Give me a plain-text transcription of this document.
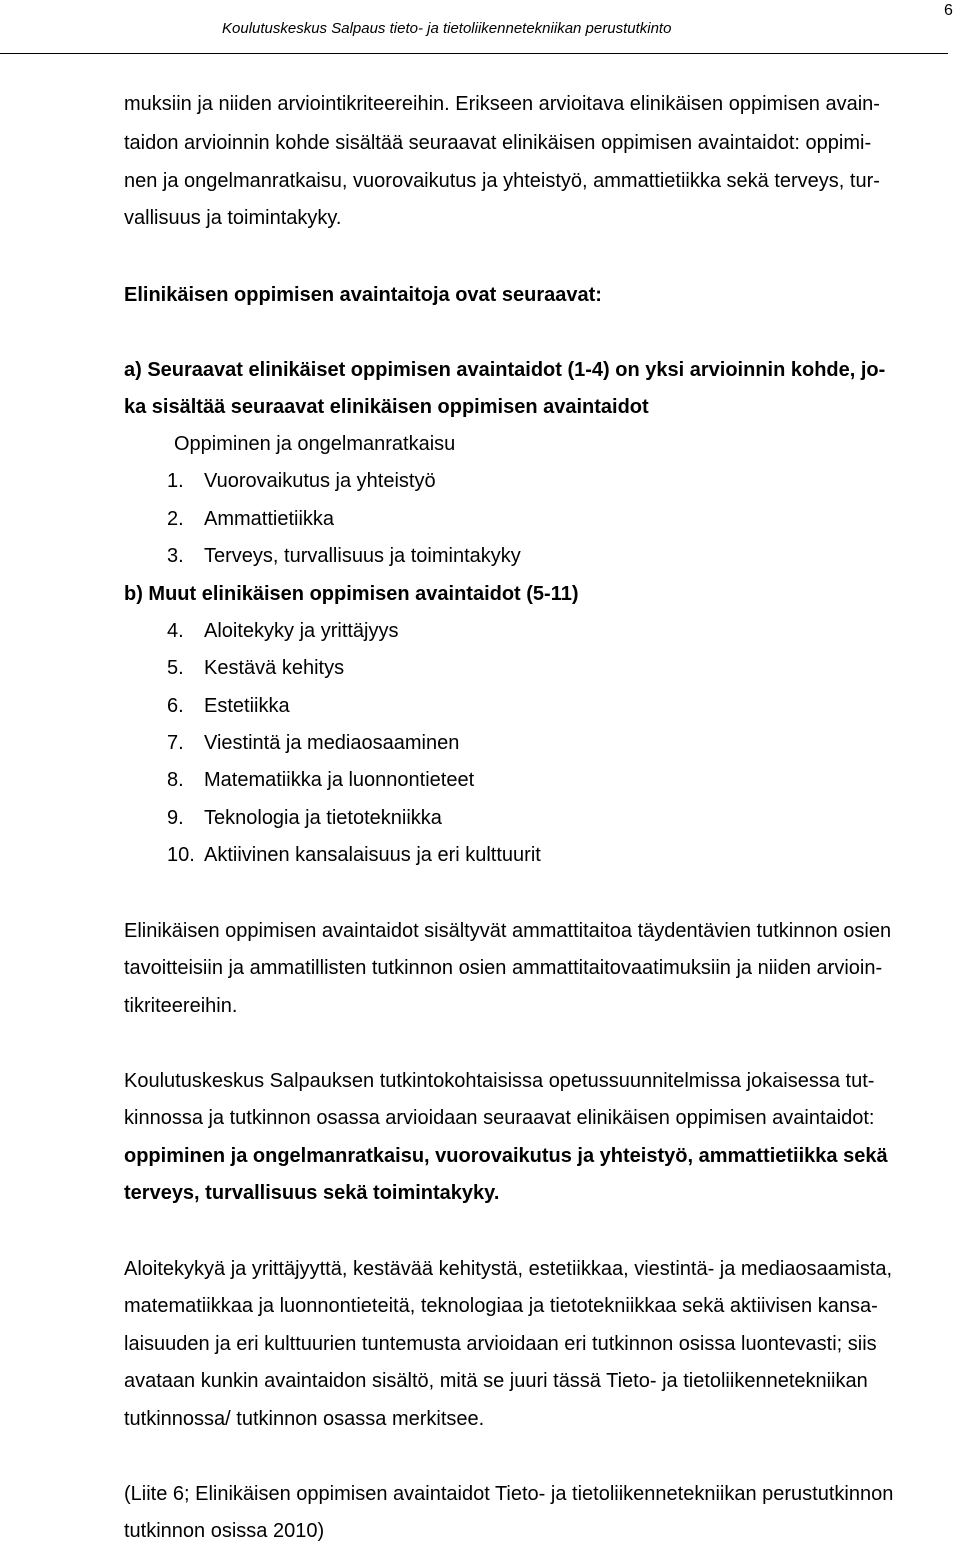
Koulutuskeskus Salpaus tieto- ja tietoliikennetekniikan perustutkinto
6
muksiin ja niiden arviointikriteereihin. Erikseen arvioitava elinikäisen oppimisen avain-
taidon arvioinnin kohde sisältää seuraavat elinikäisen oppimisen avaintaidot: oppimi-
nen ja ongelmanratkaisu, vuorovaikutus ja yhteistyö, ammattietiikka sekä terveys, tur-
vallisuus ja toimintakyky.
Elinikäisen oppimisen avaintaitoja ovat seuraavat:
a) Seuraavat elinikäiset oppimisen avaintaidot (1-4) on yksi arvioinnin kohde, jo-
ka sisältää seuraavat elinikäisen oppimisen avaintaidot
Oppiminen ja ongelmanratkaisu
1. Vuorovaikutus ja yhteistyö
2. Ammattietiikka
3. Terveys, turvallisuus ja toimintakyky
b) Muut elinikäisen oppimisen avaintaidot (5-11)
4. Aloitekyky ja yrittäjyys
5. Kestävä kehitys
6. Estetiikka
7. Viestintä ja mediaosaaminen
8. Matematiikka ja luonnontieteet
9. Teknologia ja tietotekniikka
10. Aktiivinen kansalaisuus ja eri kulttuurit
Elinikäisen oppimisen avaintaidot sisältyvät ammattitaitoa täydentävien tutkinnon osien
tavoitteisiin ja ammatillisten tutkinnon osien ammattitaitovaatimuksiin ja niiden arvioin-
tikriteereihin.
Koulutuskeskus Salpauksen tutkintokohtaisissa opetussuunnitelmissa jokaisessa tut-
kinnossa ja tutkinnon osassa arvioidaan seuraavat elinikäisen oppimisen avaintaidot:
oppiminen ja ongelmanratkaisu, vuorovaikutus ja yhteistyö, ammattietiikka sekä
terveys, turvallisuus sekä toimintakyky.
Aloitekykyä ja yrittäjyyttä, kestävää kehitystä, estetiikkaa, viestintä- ja mediaosaamista,
matematiikkaa ja luonnontieteitä, teknologiaa ja tietotekniikkaa sekä aktiivisen kansa-
laisuuden ja eri kulttuurien tuntemusta arvioidaan eri tutkinnon osissa luontevasti; siis
avataan kunkin avaintaidon sisältö, mitä se juuri tässä Tieto- ja tietoliikennetekniikan
tutkinnossa/ tutkinnon osassa merkitsee.
(Liite 6; Elinikäisen oppimisen avaintaidot Tieto- ja tietoliikennetekniikan perustutkinnon
tutkinnon osissa 2010)
